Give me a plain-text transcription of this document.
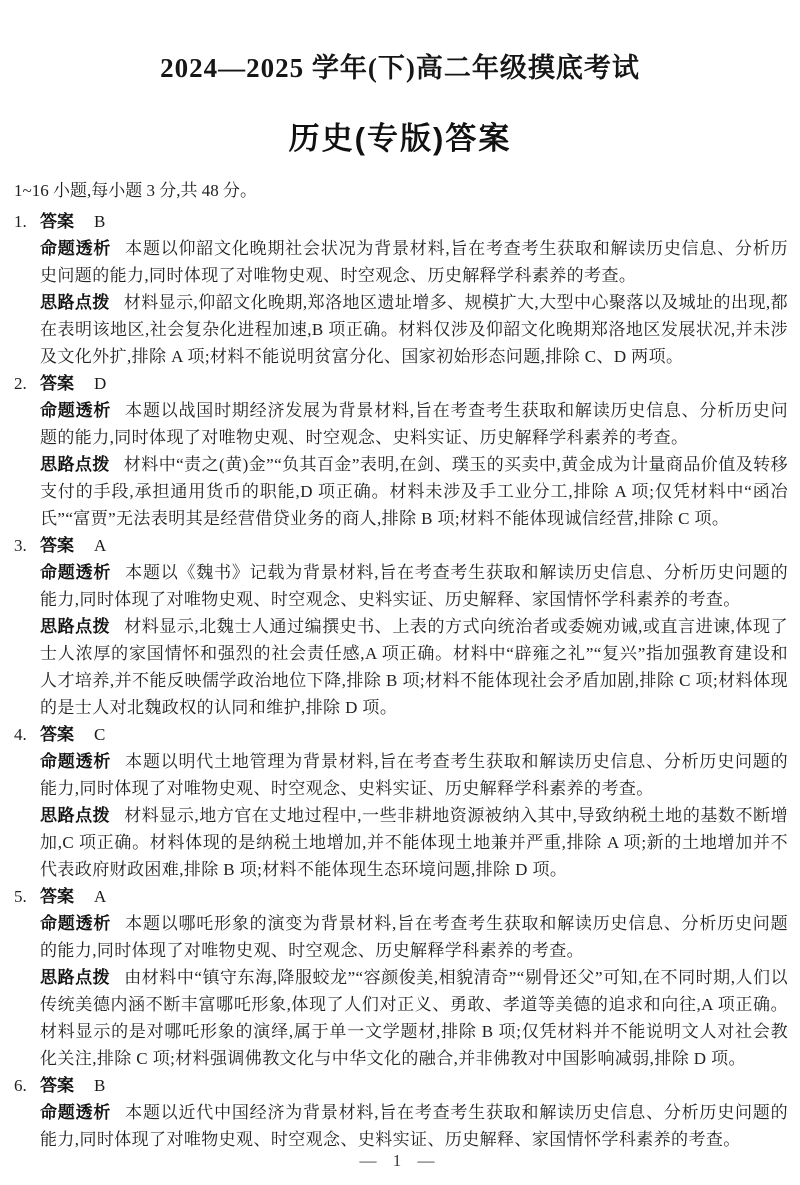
2024—2025 学年(下)高二年级摸底考试
历史(专版)答案
1~16 小题,每小题 3 分,共 48 分。
1. 答案 B

命题透析 本题以仰韶文化晚期社会状况为背景材料,旨在考查考生获取和解读历史信息、分析历史问题的能力,同时体现了对唯物史观、时空观念、历史解释学科素养的考查。

思路点拨 材料显示,仰韶文化晚期,郑洛地区遗址增多、规模扩大,大型中心聚落以及城址的出现,都在表明该地区,社会复杂化进程加速,B 项正确。材料仅涉及仰韶文化晚期郑洛地区发展状况,并未涉及文化外扩,排除 A 项;材料不能说明贫富分化、国家初始形态问题,排除 C、D 两项。

2. 答案 D

命题透析 本题以战国时期经济发展为背景材料,旨在考查考生获取和解读历史信息、分析历史问题的能力,同时体现了对唯物史观、时空观念、史料实证、历史解释学科素养的考查。

思路点拨 材料中“责之(黄)金”“负其百金”表明,在剑、璞玉的买卖中,黄金成为计量商品价值及转移支付的手段,承担通用货币的职能,D 项正确。材料未涉及手工业分工,排除 A 项;仅凭材料中“函冶氏”“富贾”无法表明其是经营借贷业务的商人,排除 B 项;材料不能体现诚信经营,排除 C 项。

3. 答案 A

命题透析 本题以《魏书》记载为背景材料,旨在考查考生获取和解读历史信息、分析历史问题的能力,同时体现了对唯物史观、时空观念、史料实证、历史解释、家国情怀学科素养的考查。

思路点拨 材料显示,北魏士人通过编撰史书、上表的方式向统治者或委婉劝诫,或直言进谏,体现了士人浓厚的家国情怀和强烈的社会责任感,A 项正确。材料中“辟雍之礼”“复兴”指加强教育建设和人才培养,并不能反映儒学政治地位下降,排除 B 项;材料不能体现社会矛盾加剧,排除 C 项;材料体现的是士人对北魏政权的认同和维护,排除 D 项。

4. 答案 C

命题透析 本题以明代土地管理为背景材料,旨在考查考生获取和解读历史信息、分析历史问题的能力,同时体现了对唯物史观、时空观念、史料实证、历史解释学科素养的考查。

思路点拨 材料显示,地方官在丈地过程中,一些非耕地资源被纳入其中,导致纳税土地的基数不断增加,C 项正确。材料体现的是纳税土地增加,并不能体现土地兼并严重,排除 A 项;新的土地增加并不代表政府财政困难,排除 B 项;材料不能体现生态环境问题,排除 D 项。

5. 答案 A

命题透析 本题以哪吒形象的演变为背景材料,旨在考查考生获取和解读历史信息、分析历史问题的能力,同时体现了对唯物史观、时空观念、历史解释学科素养的考查。

思路点拨 由材料中“镇守东海,降服蛟龙”“容颜俊美,相貌清奇”“剔骨还父”可知,在不同时期,人们以传统美德内涵不断丰富哪吒形象,体现了人们对正义、勇敢、孝道等美德的追求和向往,A 项正确。材料显示的是对哪吒形象的演绎,属于单一文学题材,排除 B 项;仅凭材料并不能说明文人对社会教化关注,排除 C 项;材料强调佛教文化与中华文化的融合,并非佛教对中国影响减弱,排除 D 项。

6. 答案 B

命题透析 本题以近代中国经济为背景材料,旨在考查考生获取和解读历史信息、分析历史问题的能力,同时体现了对唯物史观、时空观念、史料实证、历史解释、家国情怀学科素养的考查。

— 1 —
